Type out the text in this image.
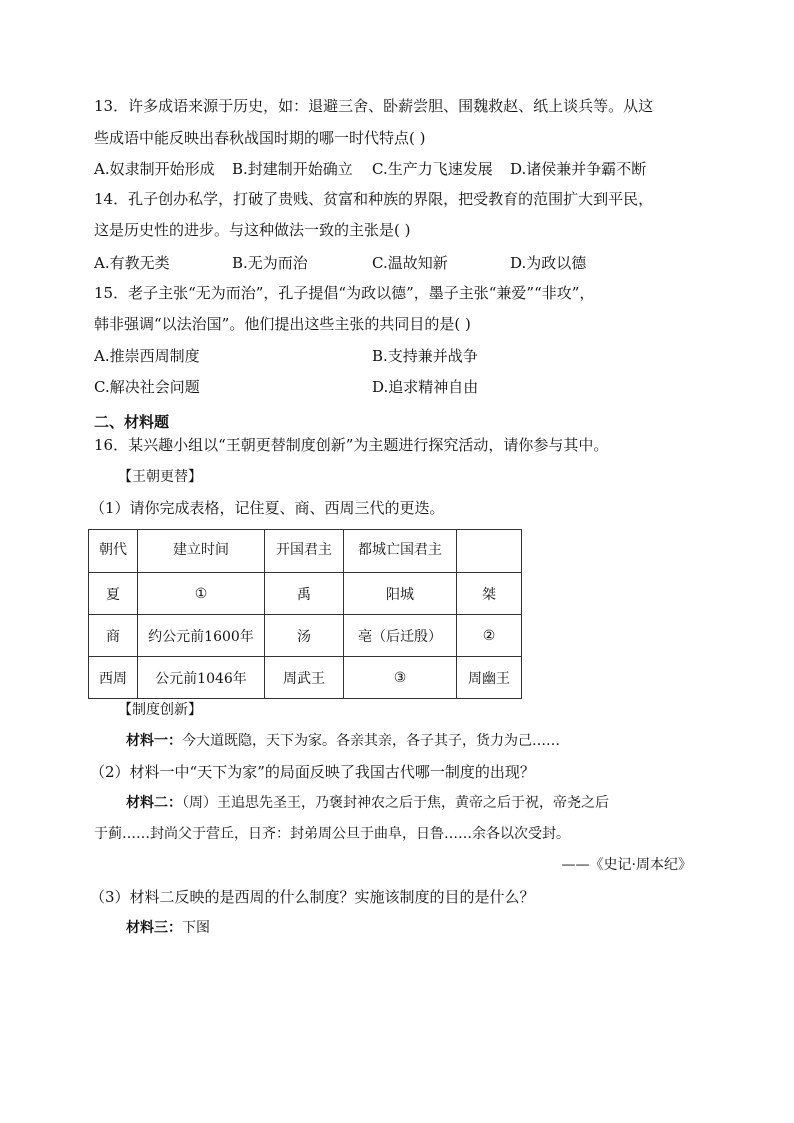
13．许多成语来源于历史，如：退避三舍、卧薪尝胆、围魏救赵、纸上谈兵等。从这
些成语中能反映出春秋战国时期的哪一时代特点( )
A.奴隶制开始形成 B.封建制开始确立 C.生产力飞速发展 D.诸侯兼并争霸不断
14．孔子创办私学，打破了贵贱、贫富和种族的界限，把受教育的范围扩大到平民，
这是历史性的进步。与这种做法一致的主张是( )
A.有教无类	B.无为而治	C.温故知新	D.为政以德
15．老子主张“无为而治”，孔子提倡“为政以德”，墨子主张“兼爱”“非攻”，
韩非强调“以法治国”。他们提出这些主张的共同目的是( )
A.推崇西周制度	B.支持兼并战争
C.解决社会问题	D.追求精神自由
二、材料题
16．某兴趣小组以“王朝更替制度创新”为主题进行探究活动，请你参与其中。
【王朝更替】
（1）请你完成表格，记住夏、商、西周三代的更迭。
朝代	建立时间	开国君主	都城亡国君主	
夏	①	禹	阳城	桀
商	约公元前1600年	汤	亳（后迁殷）	②
西周	公元前1046年	周武王	③	周幽王
【制度创新】
材料一：今大道既隐，天下为家。各亲其亲，各子其子，货力为己……
（2）材料一中“天下为家”的局面反映了我国古代哪一制度的出现？
材料二：（周）王追思先圣王，乃褒封神农之后于焦，黄帝之后于祝，帝尧之后
于蓟……封尚父于营丘，日齐：封弟周公旦于曲阜，日鲁……余各以次受封。
——《史记·周本纪》
（3）材料二反映的是西周的什么制度？实施该制度的目的是什么？
材料三：下图
